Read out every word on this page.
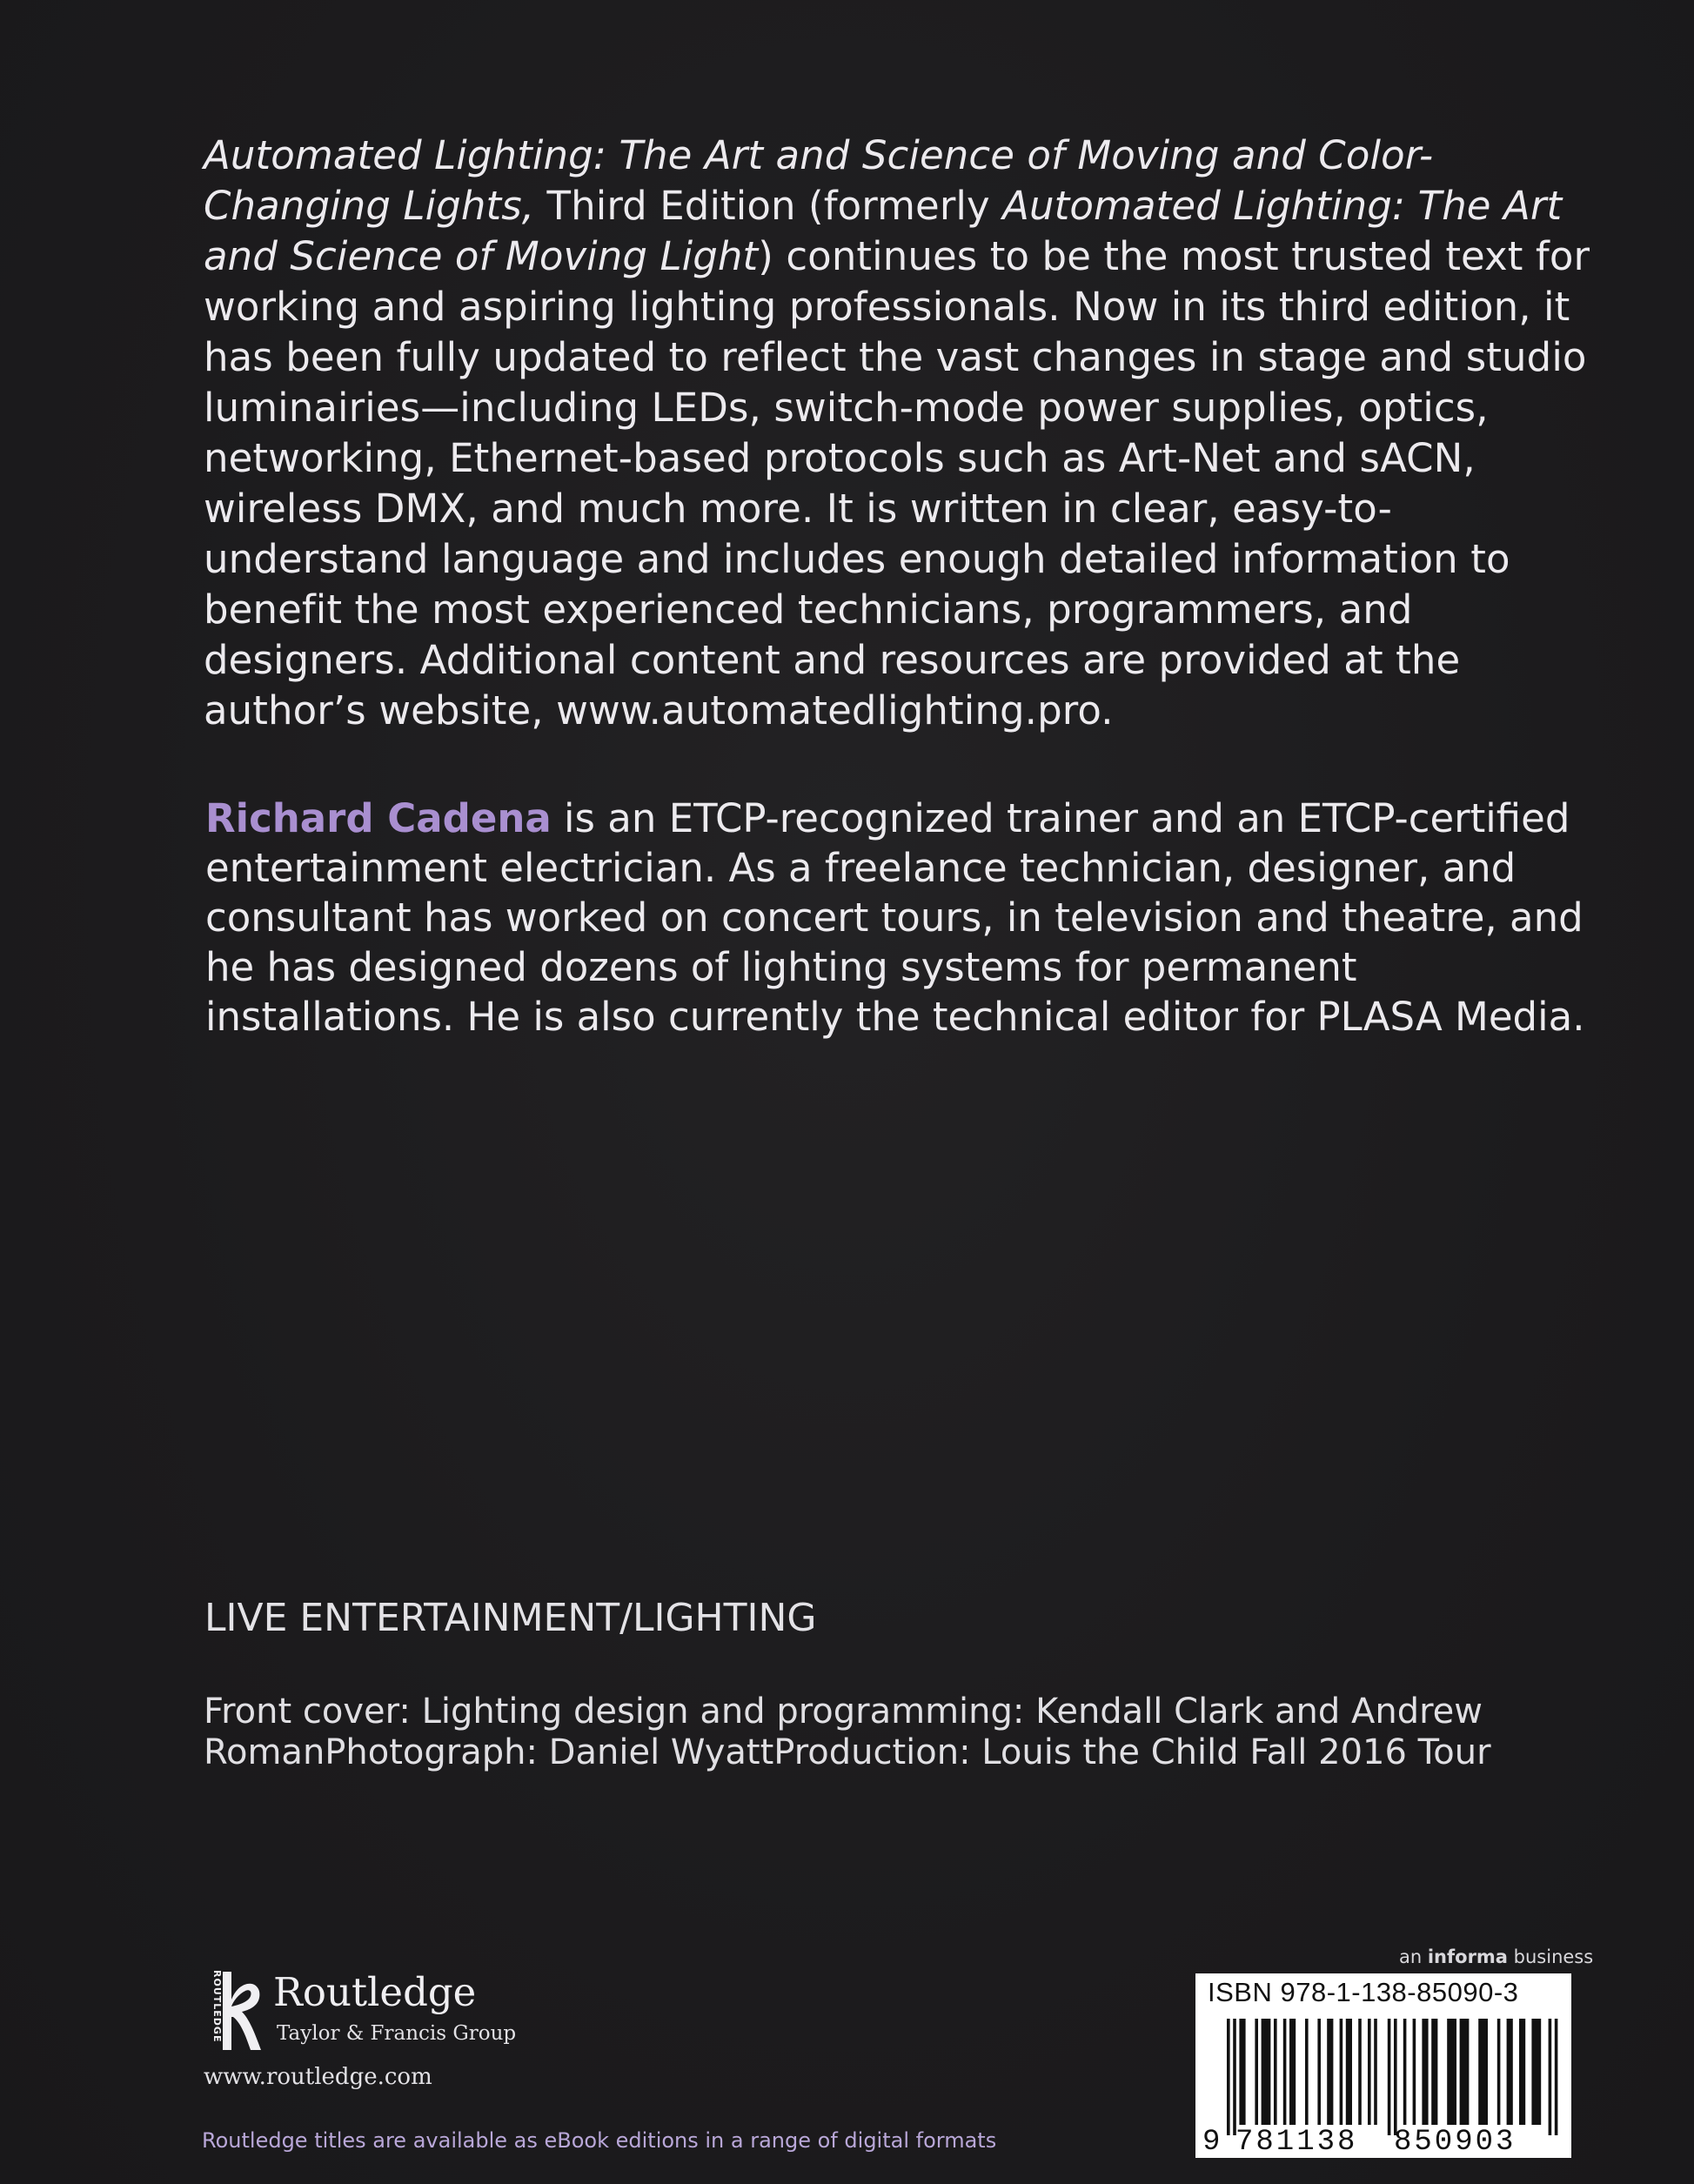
Automated Lighting: The Art and Science of Moving and Color-Changing Lights, Third Edition (formerly Automated Lighting: The Art and Science of Moving Light) continues to be the most trusted text for working and aspiring lighting professionals. Now in its third edition, it has been fully updated to reflect the vast changes in stage and studio luminairies—including LEDs, switch-mode power supplies, optics, networking, Ethernet-based protocols such as Art-Net and sACN, wireless DMX, and much more. It is written in clear, easy-to-understand language and includes enough detailed information to benefit the most experienced technicians, programmers, and designers. Additional content and resources are provided at the author’s website, www.automatedlighting.pro.

Richard Cadena is an ETCP-recognized trainer and an ETCP-certified entertainment electrician. As a freelance technician, designer, and consultant has worked on concert tours, in television and theatre, and he has designed dozens of lighting systems for permanent installations. He is also currently the technical editor for PLASA Media.

LIVE ENTERTAINMENT/LIGHTING

Front cover: Lighting design and programming: Kendall Clark and Andrew RomanPhotograph: Daniel WyattProduction: Louis the Child Fall 2016 Tour

an informa business
ISBN 978-1-138-85090-3
9 781138 850903
ROUTLEDGE Routledge
Taylor & Francis Group
www.routledge.com
Routledge titles are available as eBook editions in a range of digital formats
